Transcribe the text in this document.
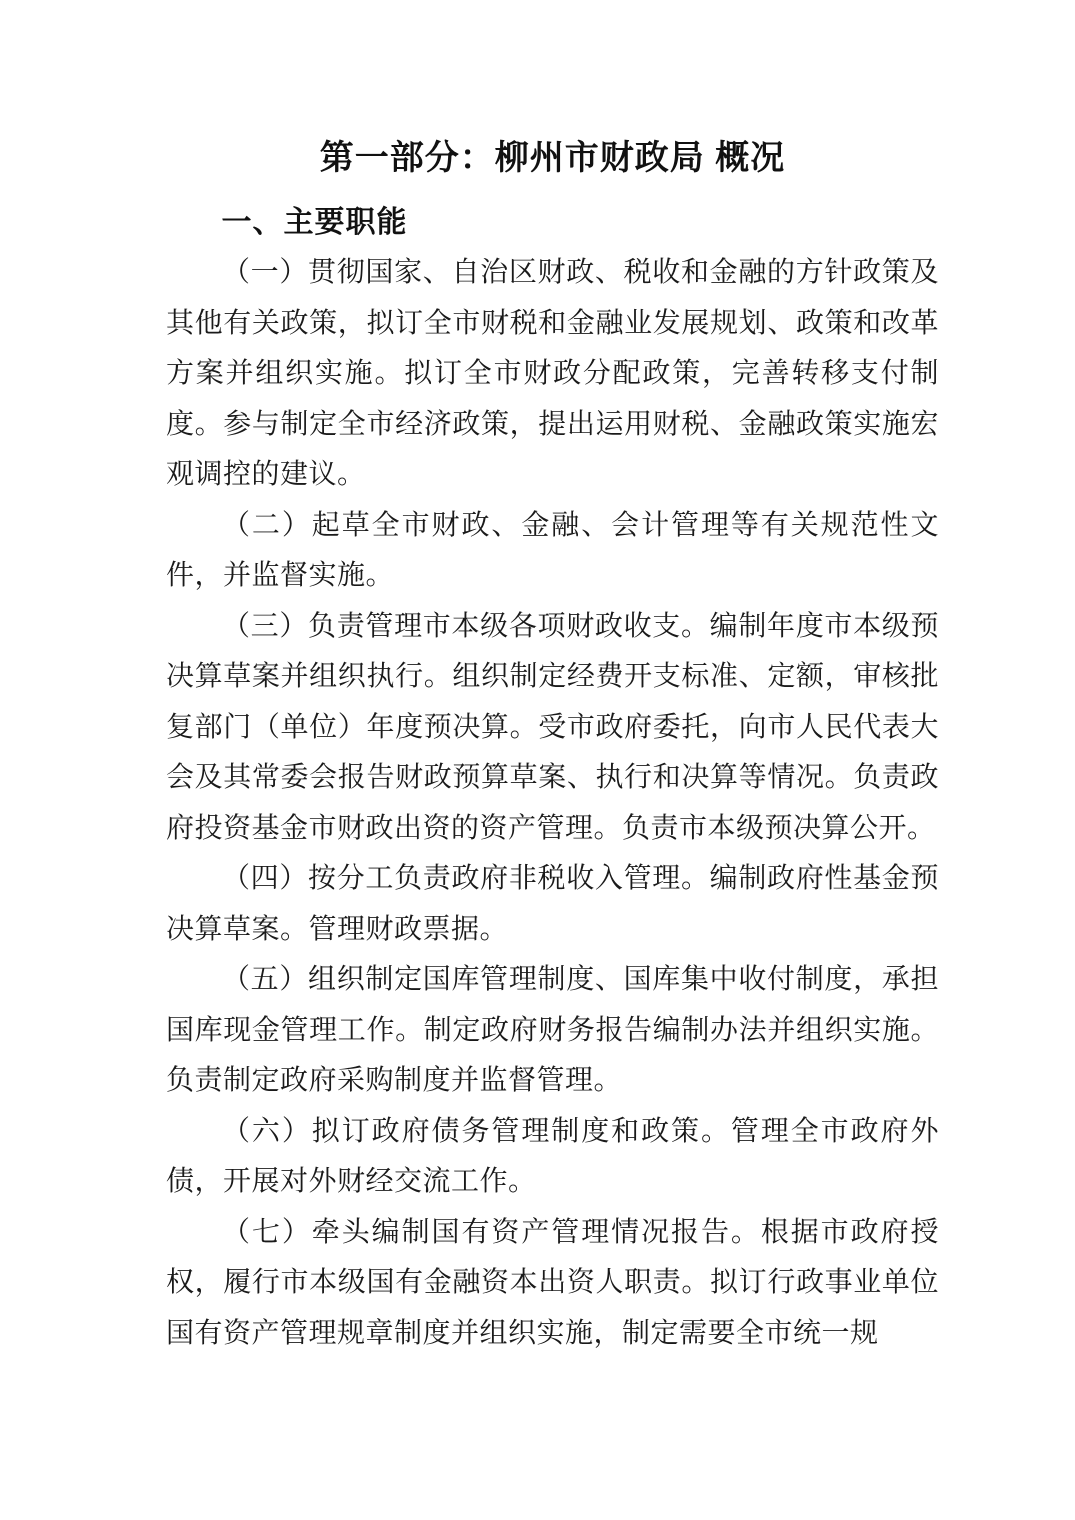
第一部分：柳州市财政局 概况
一、主要职能

（一）贯彻国家、自治区财政、税收和金融的方针政策及其他有关政策，拟订全市财税和金融业发展规划、政策和改革方案并组织实施。拟订全市财政分配政策，完善转移支付制度。参与制定全市经济政策，提出运用财税、金融政策实施宏观调控的建议。

（二）起草全市财政、金融、会计管理等有关规范性文件，并监督实施。

（三）负责管理市本级各项财政收支。编制年度市本级预决算草案并组织执行。组织制定经费开支标准、定额，审核批复部门（单位）年度预决算。受市政府委托，向市人民代表大会及其常委会报告财政预算草案、执行和决算等情况。负责政府投资基金市财政出资的资产管理。负责市本级预决算公开。

（四）按分工负责政府非税收入管理。编制政府性基金预决算草案。管理财政票据。

（五）组织制定国库管理制度、国库集中收付制度，承担国库现金管理工作。制定政府财务报告编制办法并组织实施。负责制定政府采购制度并监督管理。

（六）拟订政府债务管理制度和政策。管理全市政府外债，开展对外财经交流工作。

（七）牵头编制国有资产管理情况报告。根据市政府授权，履行市本级国有金融资本出资人职责。拟订行政事业单位国有资产管理规章制度并组织实施，制定需要全市统一规
